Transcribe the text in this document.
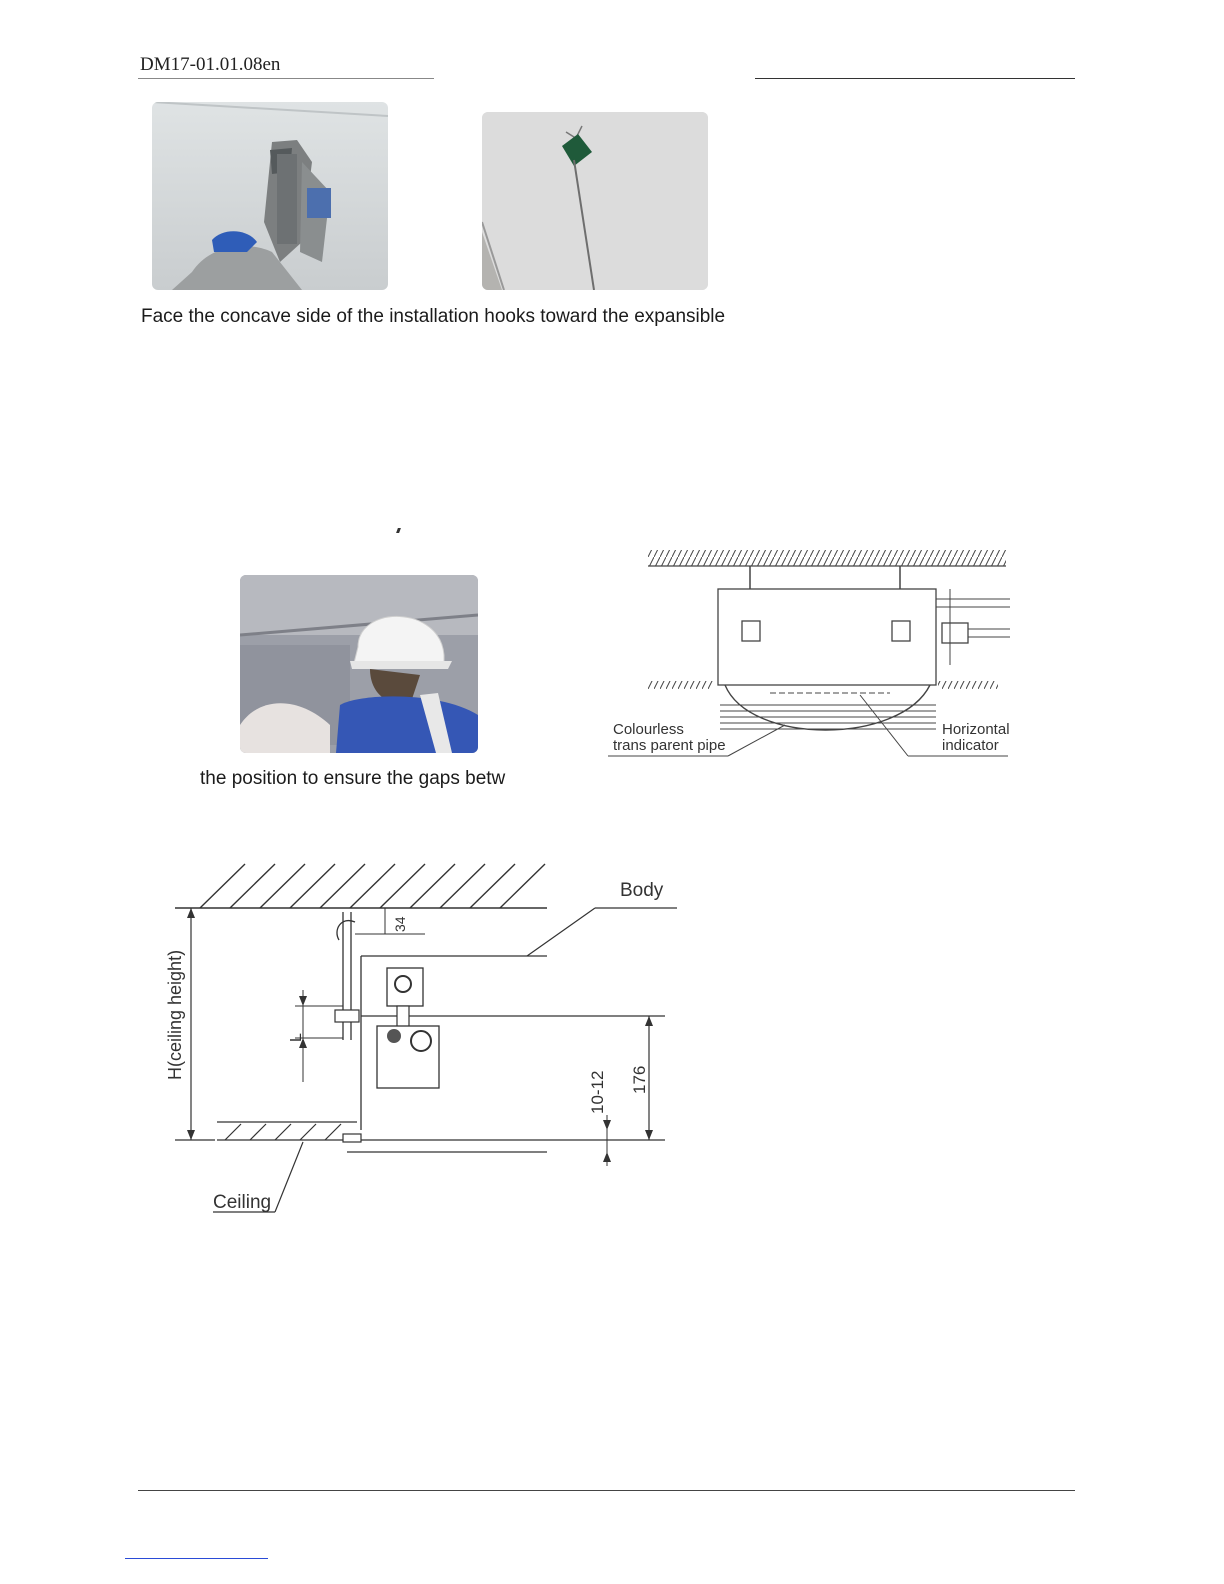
DM17-01.01.08en
Face the concave side of the installation hooks toward the expansible
the position to ensure the gaps betw
Colourless
trans parent pipe
Horizontal
indicator
H(ceiling height)
34
L
Body
176
10-12
Ceiling
